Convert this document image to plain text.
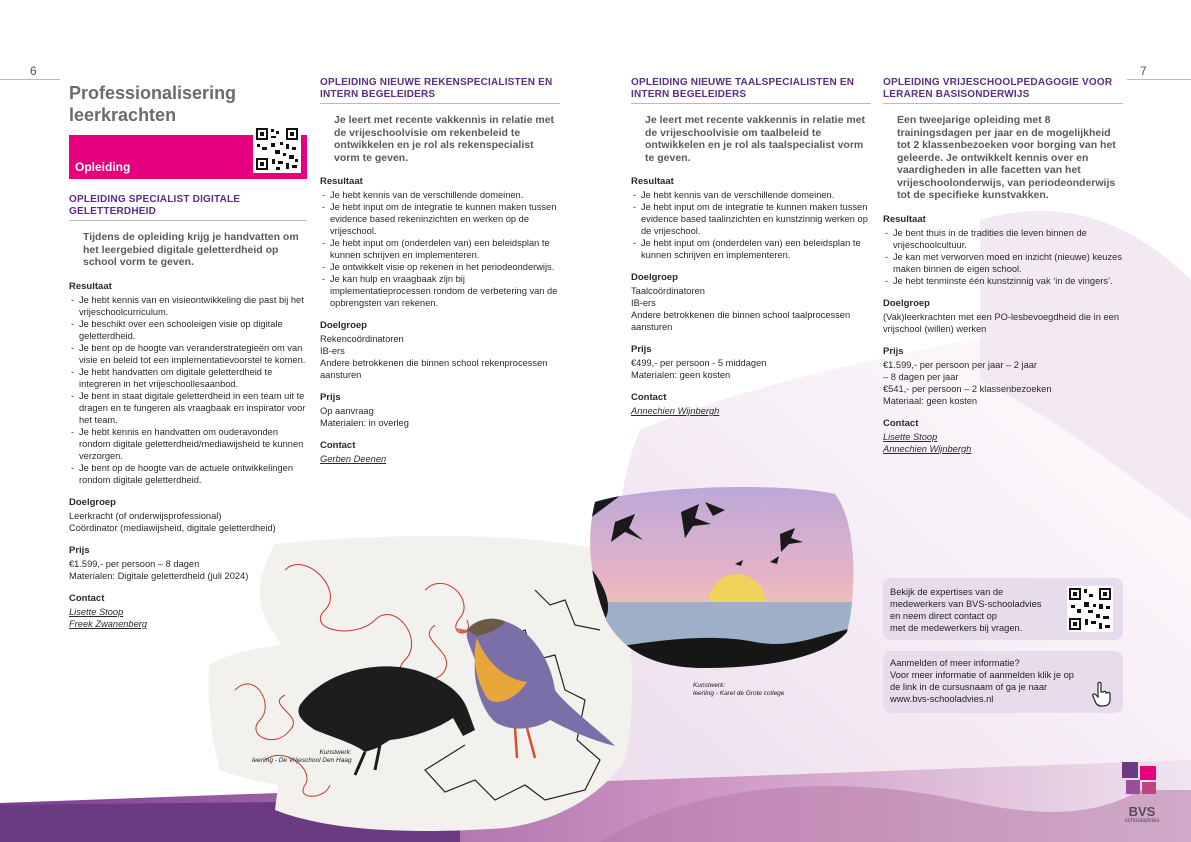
6	7
Professionalisering leerkrachten
Opleiding
OPLEIDING SPECIALIST DIGITALE GELETTERDHEID
Tijdens de opleiding krijg je handvatten om het leergebied digitale geletterdheid op school vorm te geven.
Resultaat
- Je hebt kennis van en visieontwikkeling die past bij het vrijeschoolcurriculum.
- Je beschikt over een schooleigen visie op digitale geletterdheid.
- Je bent op de hoogte van veranderstrategieën om van visie en beleid tot een implementatievoorstel te komen.
- Je hebt handvatten om digitale geletterdheid te integreren in het vrijeschoollesaanbod.
- Je bent in staat digitale geletterdheid in een team uit te dragen en te fungeren als vraagbaak en inspirator voor het team.
- Je hebt kennis en handvatten om ouderavonden rondom digitale geletterdheid/mediawijsheid te kunnen verzorgen.
- Je bent op de hoogte van de actuele ontwikkelingen rondom digitale geletterdheid.
Doelgroep

Leerkracht (of onderwijsprofessional)

Coördinator (mediawijsheid, digitale geletterdheid)

Prijs

€1.599,- per persoon – 8 dagen

Materialen: Digitale geletterdheid (juli 2024)

Contact

Lisette Stoop

Freek Zwanenberg

OPLEIDING NIEUWE REKENSPECIALISTEN EN INTERN BEGELEIDERS
Je leert met recente vakkennis in relatie met de vrijeschoolvisie om rekenbeleid te ontwikkelen en je rol als rekenspecialist vorm te geven.
Resultaat
- Je hebt kennis van de verschillende domeinen.
- Je hebt input om de integratie te kunnen maken tussen evidence based rekeninzichten en werken op de vrijeschool.
- Je hebt input om (onderdelen van) een beleidsplan te kunnen schrijven en implementeren.
- Je ontwikkelt visie op rekenen in het periodeonderwijs.
- Je kan hulp en vraagbaak zijn bij implementatieprocessen rondom de verbetering van de opbrengsten van rekenen.
Doelgroep

Rekencoördinatoren

IB-ers

Andere betrokkenen die binnen school rekenprocessen aansturen

Prijs

Op aanvraag

Materialen: in overleg

Contact

Gerben Deenen

OPLEIDING NIEUWE TAALSPECIALISTEN EN INTERN BEGELEIDERS
Je leert met recente vakkennis in relatie met de vrijeschoolvisie om taalbeleid te ontwikkelen en je rol als taalspecialist vorm te geven.
Resultaat
- Je hebt kennis van de verschillende domeinen.
- Je hebt input om de integratie te kunnen maken tussen evidence based taalinzichten en kunstzinnig werken op de vrijeschool.
- Je hebt input om (onderdelen van) een beleidsplan te kunnen schrijven en implementeren.
Doelgroep

Taalcoördinatoren

IB-ers

Andere betrokkenen die binnen school taalprocessen aansturen

Prijs

€499,- per persoon - 5 middagen

Materialen: geen kosten

Contact

Annechien Wijnbergh

OPLEIDING VRIJESCHOOLPEDAGOGIE VOOR LERAREN BASISONDERWIJS
Een tweejarige opleiding met 8 trainingsdagen per jaar en de mogelijkheid tot 2 klassenbezoeken voor borging van het geleerde. Je ontwikkelt kennis over en vaardigheden in alle facetten van het vrijeschoolonderwijs, van periodeonderwijs tot de specifieke kunstvakken.
Resultaat
- Je bent thuis in de tradities die leven binnen de vrijeschoolcultuur.
- Je kan met verworven moed en inzicht (nieuwe) keuzes maken binnen de eigen school.
- Je hebt tenminste één kunstzinnig vak ‘in de vingers’.
Doelgroep

(Vak)leerkrachten met een PO-lesbevoegdheid die in een vrijschool (willen) werken

Prijs

€1.599,- per persoon per jaar – 2 jaar

– 8 dagen per jaar

€541,- per persoon – 2 klassenbezoeken

Materiaal: geen kosten

Contact

Lisette Stoop

Annechien Wijnbergh

Kunstwerk:
leerling - De Vrijeschool Den Haag
Kunstwerk:
leerling - Karel de Grote college
Bekijk de expertises van de
medewerkers van BVS-schooladvies
en neem direct contact op
met de medewerkers bij vragen.
Aanmelden of meer informatie?
Voor meer informatie of aanmelden klik je op
de link in de cursusnaam of ga je naar
www.bvs-schooladvies.nl
BVS
schooladvies
